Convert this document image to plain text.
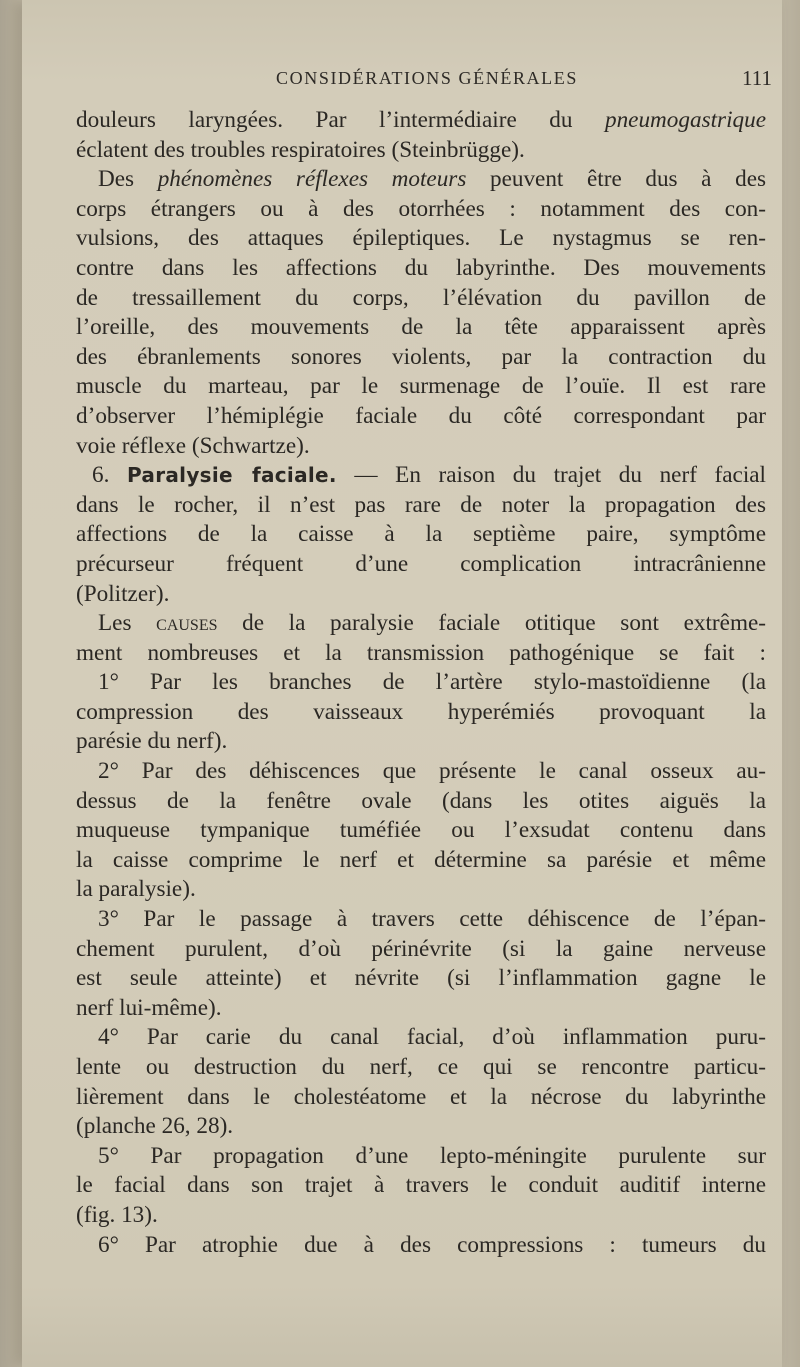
CONSIDÉRATIONS GÉNÉRALES	111
douleurs laryngées. Par l’intermédiaire du pneumogastrique
éclatent des troubles respiratoires (Steinbrügge).
Des phénomènes réflexes moteurs peuvent être dus à des
corps étrangers ou à des otorrhées : notamment des con-
vulsions, des attaques épileptiques. Le nystagmus se ren-
contre dans les affections du labyrinthe. Des mouvements
de tressaillement du corps, l’élévation du pavillon de
l’oreille, des mouvements de la tête apparaissent après
des ébranlements sonores violents, par la contraction du
muscle du marteau, par le surmenage de l’ouïe. Il est rare
d’observer l’hémiplégie faciale du côté correspondant par
voie réflexe (Schwartze).
6. Paralysie faciale. — En raison du trajet du nerf facial
dans le rocher, il n’est pas rare de noter la propagation des
affections de la caisse à la septième paire, symptôme
précurseur fréquent d’une complication intracrânienne
(Politzer).
Les causes de la paralysie faciale otitique sont extrême-
ment nombreuses et la transmission pathogénique se fait :
1° Par les branches de l’artère stylo-mastoïdienne (la
compression des vaisseaux hyperémiés provoquant la
parésie du nerf).
2° Par des déhiscences que présente le canal osseux au-
dessus de la fenêtre ovale (dans les otites aiguës la
muqueuse tympanique tuméfiée ou l’exsudat contenu dans
la caisse comprime le nerf et détermine sa parésie et même
la paralysie).
3° Par le passage à travers cette déhiscence de l’épan-
chement purulent, d’où périnévrite (si la gaine nerveuse
est seule atteinte) et névrite (si l’inflammation gagne le
nerf lui-même).
4° Par carie du canal facial, d’où inflammation puru-
lente ou destruction du nerf, ce qui se rencontre particu-
lièrement dans le cholestéatome et la nécrose du labyrinthe
(planche 26, 28).
5° Par propagation d’une lepto-méningite purulente sur
le facial dans son trajet à travers le conduit auditif interne
(fig. 13).
6° Par atrophie due à des compressions : tumeurs du
